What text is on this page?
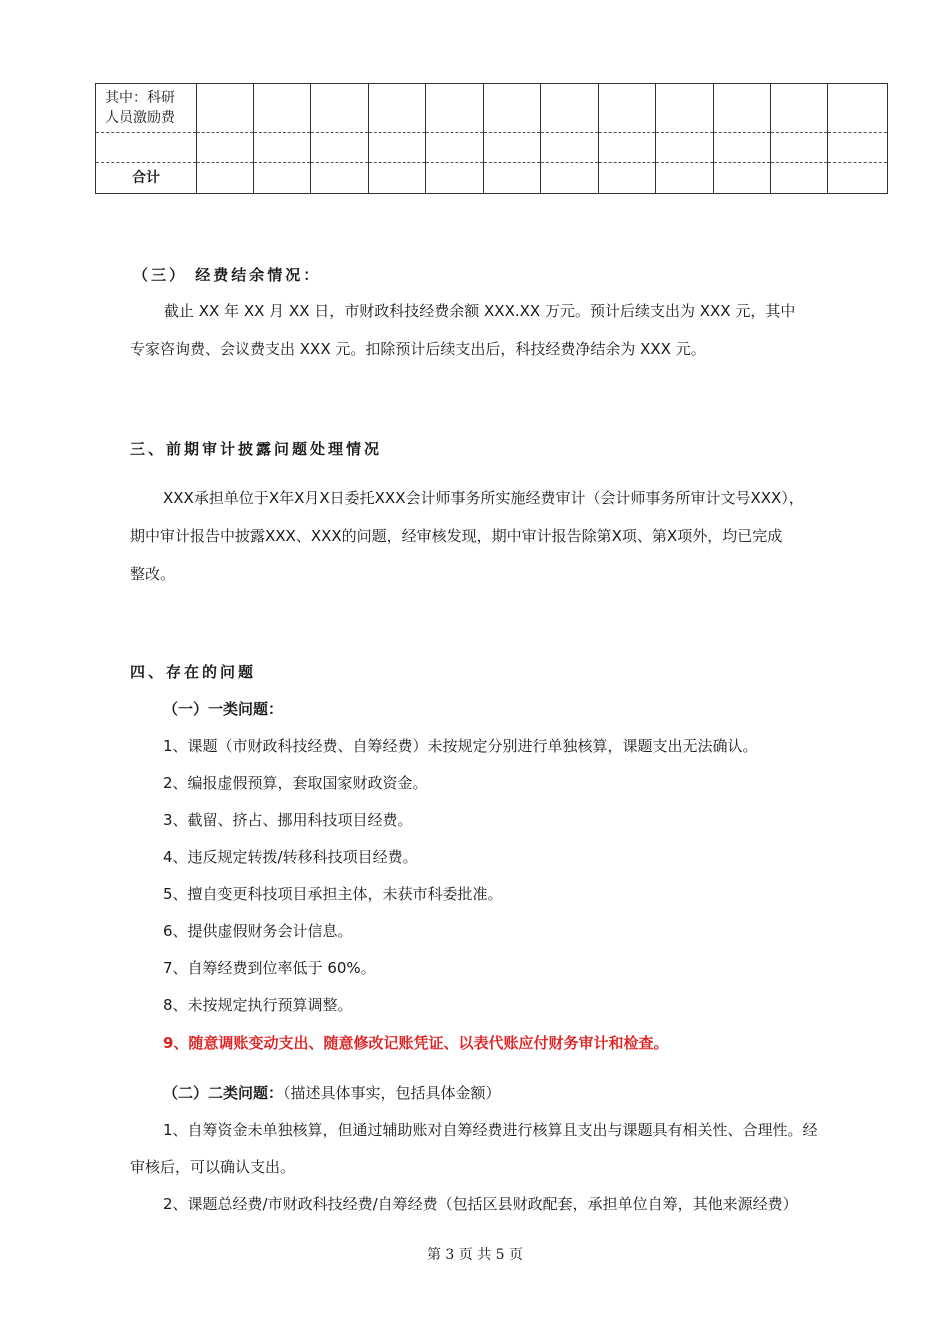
其中：科研人员激励费												

合计												
（三） 经费结余情况：
截止 XX 年 XX 月 XX 日，市财政科技经费余额 XXX.XX 万元。预计后续支出为 XXX 元，其中
专家咨询费、会议费支出 XXX 元。扣除预计后续支出后，科技经费净结余为 XXX 元。
三、前期审计披露问题处理情况
XXX承担单位于X年X月X日委托XXX会计师事务所实施经费审计（会计师事务所审计文号XXX），
期中审计报告中披露XXX、XXX的问题，经审核发现，期中审计报告除第X项、第X项外，均已完成
整改。
四、存在的问题
（一）一类问题：
1、课题（市财政科技经费、自筹经费）未按规定分别进行单独核算，课题支出无法确认。
2、编报虚假预算，套取国家财政资金。
3、截留、挤占、挪用科技项目经费。
4、违反规定转拨/转移科技项目经费。
5、擅自变更科技项目承担主体，未获市科委批准。
6、提供虚假财务会计信息。
7、自筹经费到位率低于 60%。
8、未按规定执行预算调整。
9、随意调账变动支出、随意修改记账凭证、以表代账应付财务审计和检查。
（二）二类问题：（描述具体事实，包括具体金额）
1、自筹资金未单独核算，但通过辅助账对自筹经费进行核算且支出与课题具有相关性、合理性。经
审核后，可以确认支出。
2、课题总经费/市财政科技经费/自筹经费（包括区县财政配套，承担单位自筹，其他来源经费）
第 3 页 共 5 页
